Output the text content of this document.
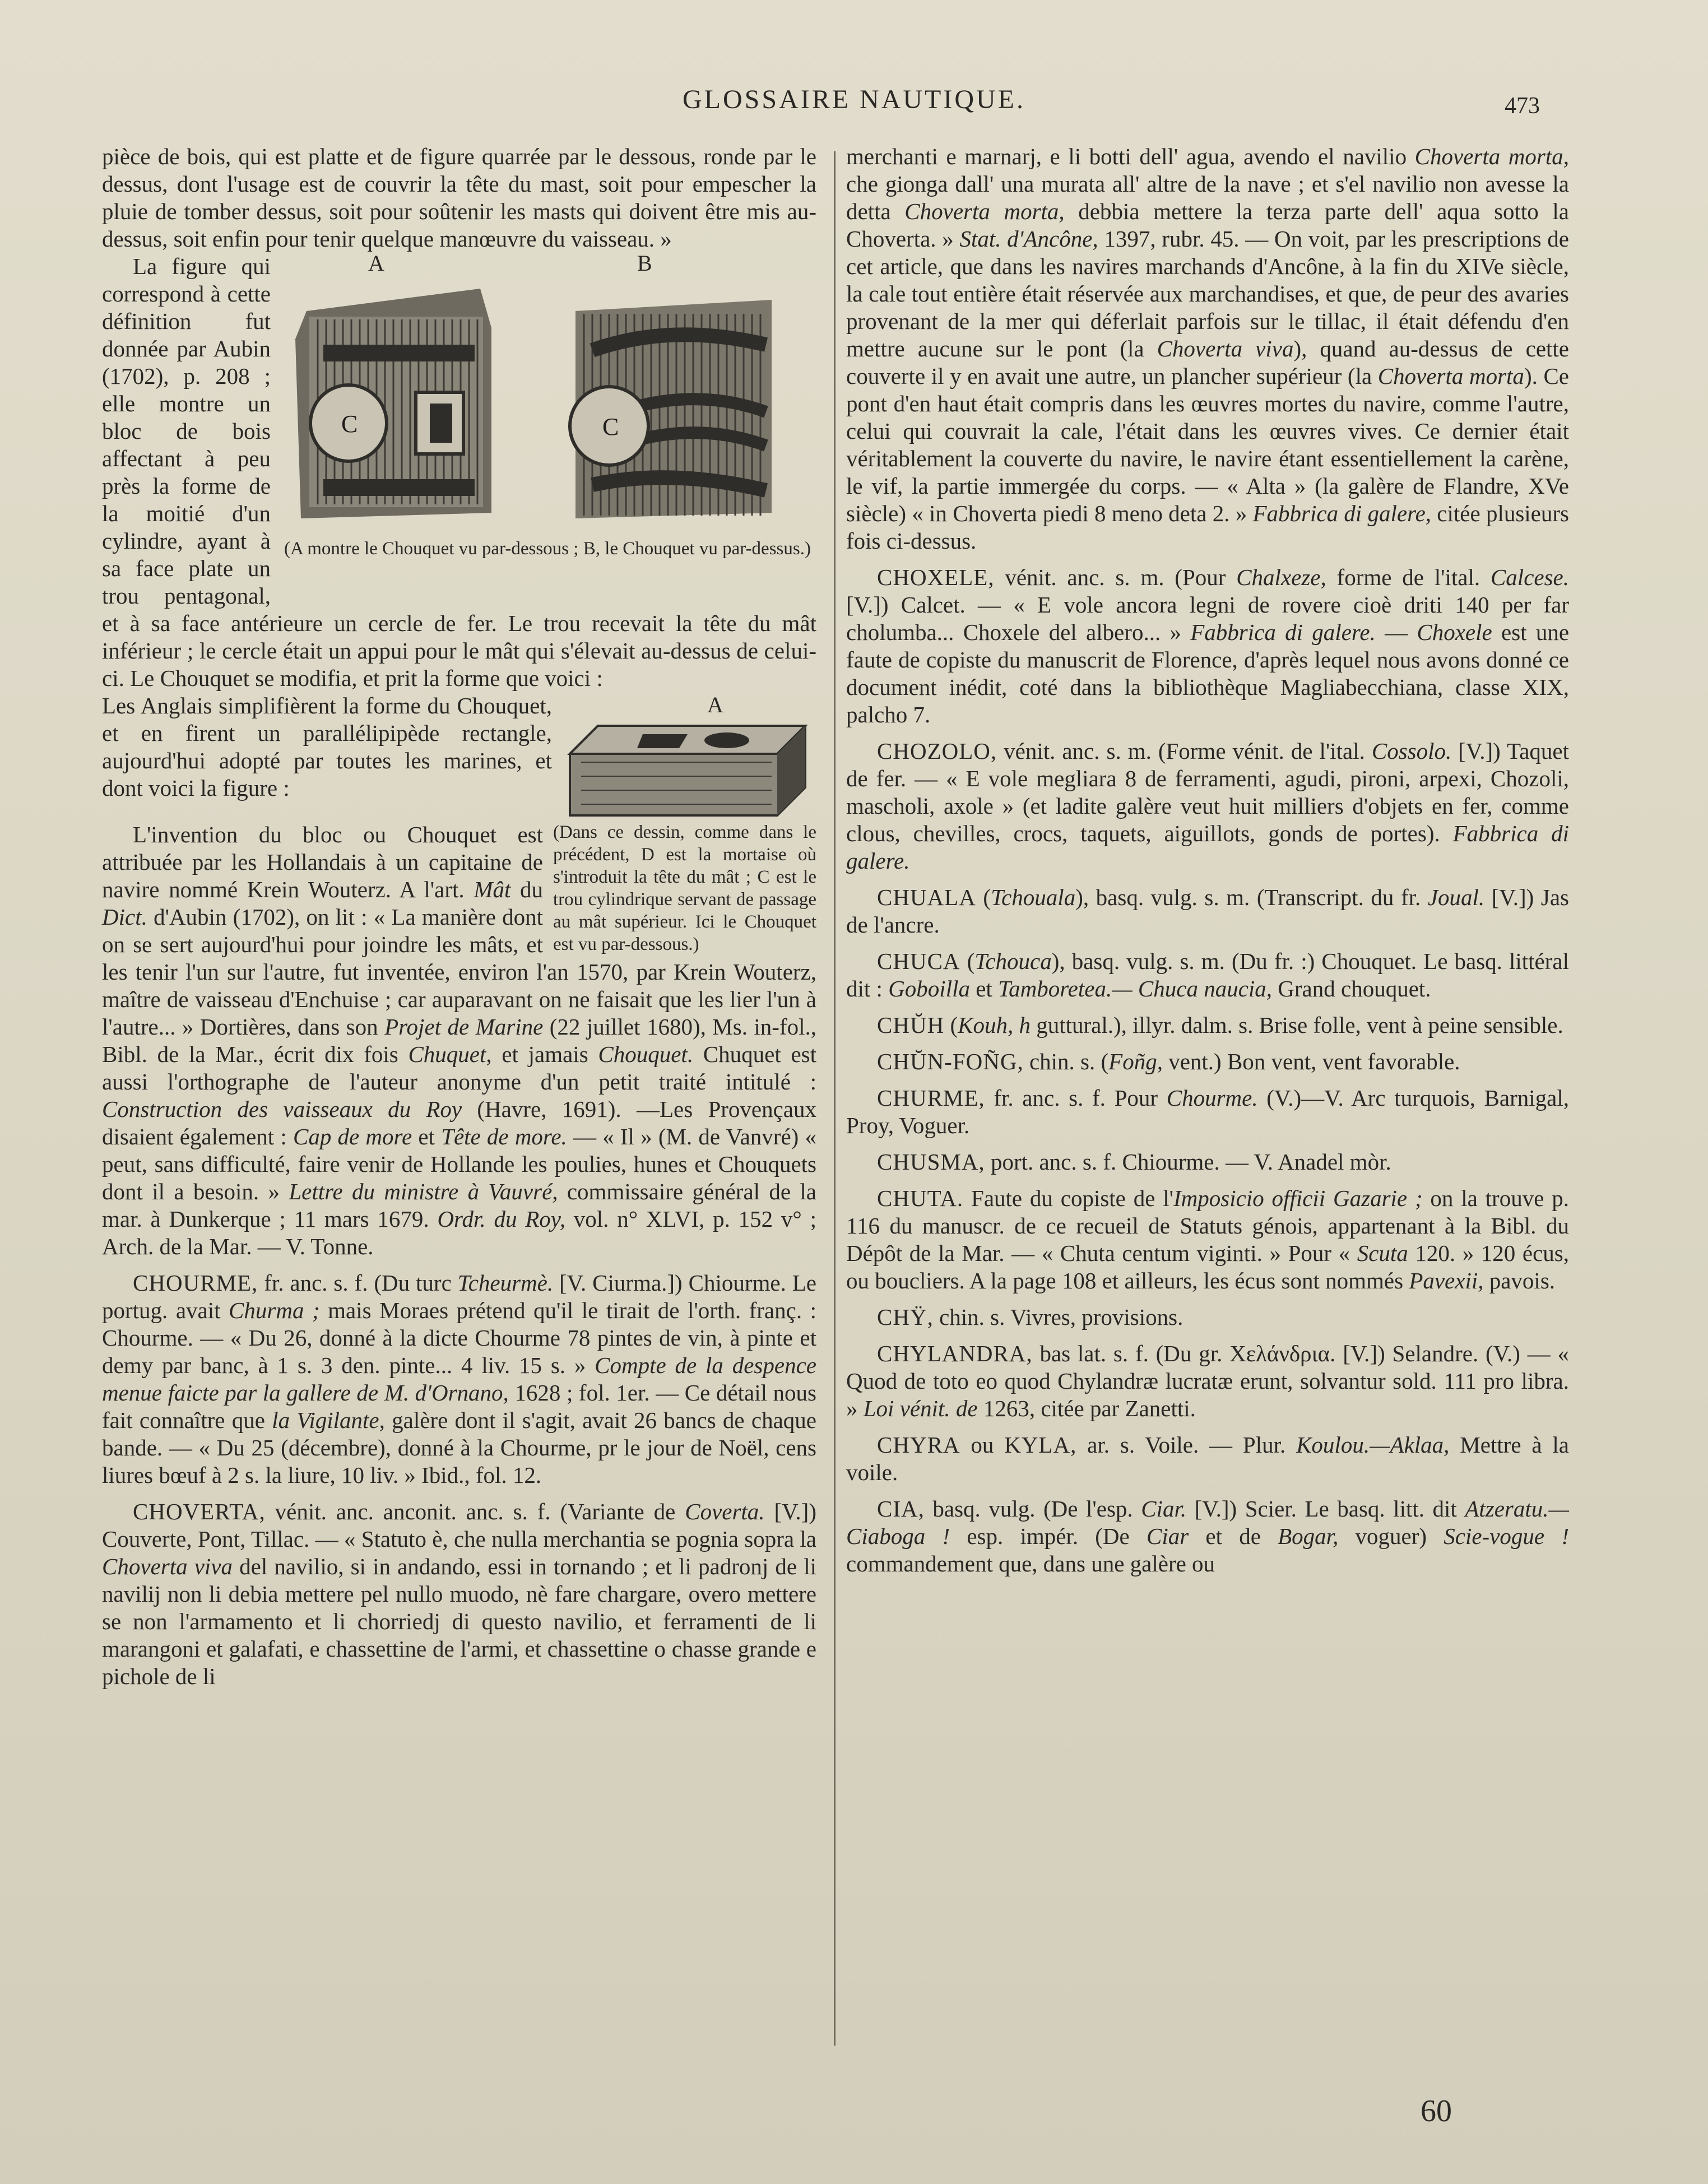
GLOSSAIRE NAUTIQUE.	473

pièce de bois, qui est platte et de figure quarrée par le dessous, ronde par le dessus, dont l'usage est de couvrir la tête du mast, soit pour empescher la pluie de tomber dessus, soit pour soûtenir les masts qui doivent être mis au-dessus, soit enfin pour tenir quelque manœuvre du vaisseau. »

A	B
C	C
(A montre le Chouquet vu par-dessous ; B, le Chouquet vu par-dessus.)

La figure qui correspond à cette définition fut donnée par Aubin (1702), p. 208 ; elle montre un bloc de bois affectant à peu près la forme de la moitié d'un cylindre, ayant à sa face plate un trou pentagonal, et à sa face antérieure un cercle de fer. Le trou recevait la tête du mât inférieur ; le cercle était un appui pour le mât qui s'élevait au-dessus de celui-ci. Le Chouquet se modifia, et prit la forme que voici :

A

Les Anglais simplifièrent la forme du Chouquet, et en firent un parallélipipède rectangle, aujourd'hui adopté par toutes les marines, et dont voici la figure :

(Dans ce dessin, comme dans le précédent, D est la mortaise où s'introduit la tête du mât ; C est le trou cylindrique servant de passage au mât supérieur. Ici le Chouquet est vu par-dessous.)

L'invention du bloc ou Chouquet est attribuée par les Hollandais à un capitaine de navire nommé Krein Wouterz. A l'art. Mât du Dict. d'Aubin (1702), on lit : « La manière dont on se sert aujourd'hui pour joindre les mâts, et les tenir l'un sur l'autre, fut inventée, environ l'an 1570, par Krein Wouterz, maître de vaisseau d'Enchuise ; car auparavant on ne faisait que les lier l'un à l'autre... » Dortières, dans son Projet de Marine (22 juillet 1680), Ms. in-fol., Bibl. de la Mar., écrit dix fois Chuquet, et jamais Chouquet. Chuquet est aussi l'orthographe de l'auteur anonyme d'un petit traité intitulé : Construction des vaisseaux du Roy (Havre, 1691). —Les Provençaux disaient également : Cap de more et Tête de more. — « Il » (M. de Vanvré) « peut, sans difficulté, faire venir de Hollande les poulies, hunes et Chouquets dont il a besoin. » Lettre du ministre à Vauvré, commissaire général de la mar. à Dunkerque ; 11 mars 1679. Ordr. du Roy, vol. n° XLVI, p. 152 v° ; Arch. de la Mar. — V. Tonne.

CHOURME, fr. anc. s. f. (Du turc Tcheurmè. [V. Ciurma.]) Chiourme. Le portug. avait Churma ; mais Moraes prétend qu'il le tirait de l'orth. franç. : Chourme. — « Du 26, donné à la dicte Chourme 78 pintes de vin, à pinte et demy par banc, à 1 s. 3 den. pinte... 4 liv. 15 s. » Compte de la despence menue faicte par la gallere de M. d'Ornano, 1628 ; fol. 1er. — Ce détail nous fait connaître que la Vigilante, galère dont il s'agit, avait 26 bancs de chaque bande. — « Du 25 (décembre), donné à la Chourme, pr le jour de Noël, cens liures bœuf à 2 s. la liure, 10 liv. » Ibid., fol. 12.

CHOVERTA, vénit. anc. anconit. anc. s. f. (Variante de Coverta. [V.]) Couverte, Pont, Tillac. — « Statuto è, che nulla merchantia se pognia sopra la Choverta viva del navilio, si in andando, essi in tornando ; et li padronj de li navilij non li debia mettere pel nullo muodo, nè fare chargare, overo mettere se non l'armamento et li chorriedj di questo navilio, et ferramenti de li marangoni et galafati, e chassettine de l'armi, et chassettine o chasse grande e pichole de li

merchanti e marnarj, e li botti dell' agua, avendo el navilio Choverta morta, che gionga dall' una murata all' altre de la nave ; et s'el navilio non avesse la detta Choverta morta, debbia mettere la terza parte dell' aqua sotto la Choverta. » Stat. d'Ancône, 1397, rubr. 45. — On voit, par les prescriptions de cet article, que dans les navires marchands d'Ancône, à la fin du XIVe siècle, la cale tout entière était réservée aux marchandises, et que, de peur des avaries provenant de la mer qui déferlait parfois sur le tillac, il était défendu d'en mettre aucune sur le pont (la Choverta viva), quand au-dessus de cette couverte il y en avait une autre, un plancher supérieur (la Choverta morta). Ce pont d'en haut était compris dans les œuvres mortes du navire, comme l'autre, celui qui couvrait la cale, l'était dans les œuvres vives. Ce dernier était véritablement la couverte du navire, le navire étant essentiellement la carène, le vif, la partie immergée du corps. — « Alta » (la galère de Flandre, XVe siècle) « in Choverta piedi 8 meno deta 2. » Fabbrica di galere, citée plusieurs fois ci-dessus.

CHOXELE, vénit. anc. s. m. (Pour Chalxeze, forme de l'ital. Calcese. [V.]) Calcet. — « E vole ancora legni de rovere cioè driti 140 per far cholumba... Choxele del albero... » Fabbrica di galere. — Choxele est une faute de copiste du manuscrit de Florence, d'après lequel nous avons donné ce document inédit, coté dans la bibliothèque Magliabecchiana, classe XIX, palcho 7.

CHOZOLO, vénit. anc. s. m. (Forme vénit. de l'ital. Cossolo. [V.]) Taquet de fer. — « E vole megliara 8 de ferramenti, agudi, pironi, arpexi, Chozoli, mascholi, axole » (et ladite galère veut huit milliers d'objets en fer, comme clous, chevilles, crocs, taquets, aiguillots, gonds de portes). Fabbrica di galere.

CHUALA (Tchouala), basq. vulg. s. m. (Transcript. du fr. Joual. [V.]) Jas de l'ancre.

CHUCA (Tchouca), basq. vulg. s. m. (Du fr. :) Chouquet. Le basq. littéral dit : Goboilla et Tamboretea.— Chuca naucia, Grand chouquet.

CHŬH (Kouh, h guttural.), illyr. dalm. s. Brise folle, vent à peine sensible.

CHŬN-FOÑG, chin. s. (Foñg, vent.) Bon vent, vent favorable.

CHURME, fr. anc. s. f. Pour Chourme. (V.)—V. Arc turquois, Barnigal, Proy, Voguer.

CHUSMA, port. anc. s. f. Chiourme. — V. Anadel mòr.

CHUTA. Faute du copiste de l'Imposicio officii Gazarie ; on la trouve p. 116 du manuscr. de ce recueil de Statuts génois, appartenant à la Bibl. du Dépôt de la Mar. — « Chuta centum viginti. » Pour « Scuta 120. » 120 écus, ou boucliers. A la page 108 et ailleurs, les écus sont nommés Pavexii, pavois.

CHŸ, chin. s. Vivres, provisions.

CHYLANDRA, bas lat. s. f. (Du gr. Χελάνδρια. [V.]) Selandre. (V.) — « Quod de toto eo quod Chylandræ lucratæ erunt, solvantur sold. 111 pro libra. » Loi vénit. de 1263, citée par Zanetti.

CHYRA ou KYLA, ar. s. Voile. — Plur. Koulou.—Aklaa, Mettre à la voile.

CIA, basq. vulg. (De l'esp. Ciar. [V.]) Scier. Le basq. litt. dit Atzeratu.—Ciaboga ! esp. impér. (De Ciar et de Bogar, voguer) Scie-vogue ! commandement que, dans une galère ou

60
